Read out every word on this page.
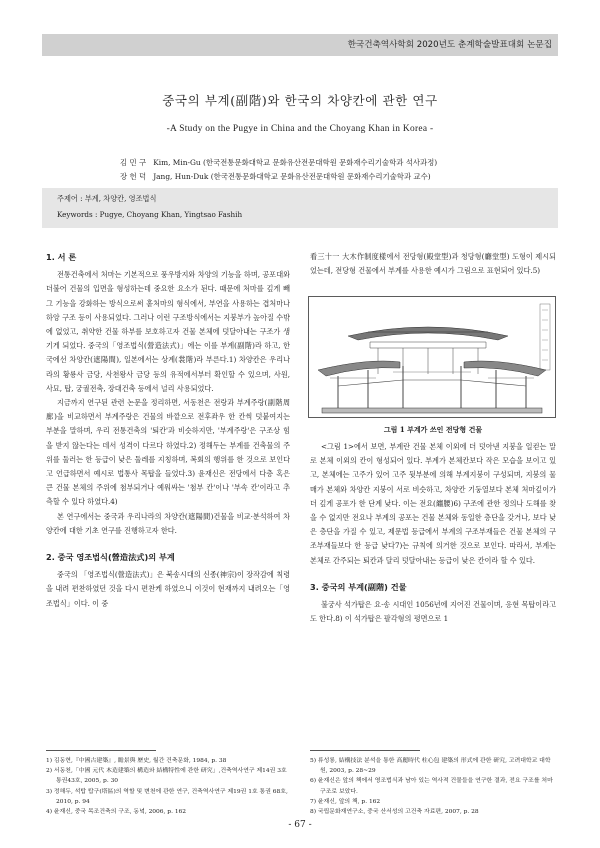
한국건축역사학회 2020년도 춘계학술발표대회 논문집
중국의 부계(副階)와 한국의 차양칸에 관한 연구
-A Study on the Pugye in China and the Choyang Khan in Korea -
김 민 구 Kim, Min-Gu (한국전통문화대학교 문화유산전문대학원 문화재수리기술학과 석사과정)
장 헌 덕 Jang, Hun-Duk (한국전통문화대학교 문화유산전문대학원 문화재수리기술학과 교수)
주제어 : 부계, 차양칸, 영조법식
Keywords : Pugye, Choyang Khan, Yingtsao Fashih
1. 서 론

전통건축에서 처마는 기본적으로 풍우방지와 차양의 기능을 하며, 공포대와 더불어 건물의 입면을 형성하는데 중요한 요소가 된다. 때문에 처마를 깊게 빼 그 기능을 강화하는 방식으로써 홑처마의 형식에서, 부연을 사용하는 겹처마나 하앙 구조 등이 사용되었다. 그러나 이런 구조방식에서는 지붕부가 높아질 수밖에 없었고, 취약한 건물 하부를 보호하고자 건물 본체에 덧달아내는 구조가 생기게 되었다. 중국의「영조법식(營造法式)」에는 이를 부계(副階)라 하고, 한국에선 차양칸(遮陽間), 일본에서는 상계(裳階)라 부른다.1) 차양칸은 우리나라의 황룡사 금당, 사천왕사 금당 등의 유적에서부터 확인할 수 있으며, 사원, 사묘, 탑, 궁궐전축, 장대건축 등에서 널리 사용되었다.

지금까지 연구된 관련 논문을 정리하면, 서동천은 전랑과 부계주랑(副階周廊)을 비교하면서 부계주랑은 건물의 바깥으로 전후좌우 한 칸씩 덧붙여지는 부분을 말하며, 우리 전통건축의 '퇴칸'과 비슷하지만, '부계주랑'은 구조상 힘을 받지 않는다는 데서 성격이 다르다 하였다.2) 정해두는 부계를 건축물의 주위를 둘러는 한 등급이 낮은 둘레를 지칭하며, 복회의 행위를 한 것으로 보인다고 언급하면서 예시로 법통사 목탑을 들었다.3) 윤재신은 전당에서 다층 혹은 큰 건물 본체의 주위에 첨부되거나 예워싸는 '첨부 칸'이나 '부속 칸'이라고 추측할 수 있다 하였다.4)

본 연구에서는 중국과 우리나라의 차양칸(遮陽間)건물을 비교·분석하여 차양칸에 대한 기초 연구를 진행하고자 한다.

2. 중국 영조법식(營造法式)의 부계

중국의 「영조법식(營造法式)」은 북송시대의 신종(神宗)이 장작감에 칙령을 내려 편찬하였던 것을 다시 편찬케 하였으니 이것이 현재까지 내려오는「영조법식」이다. 이 중

看三十一 大木作制度樣에서 전당형(殿堂型)과 청당형(廳堂型) 도형이 제시되었는데, 전당형 건물에서 부계를 사용한 예시가 그림으로 표현되어 있다.5)

그림 1 부계가 쓰인 전당형 건물

<그림 1>에서 보면, 부계란 건물 본체 이외에 더 덧아낸 지붕을 일컫는 말로 본체 이외의 칸이 형성되어 있다. 부계가 본체칸보다 작은 모습을 보이고 있고, 본체에는 고주가 있어 고주 뒷부분에 의해 부계지붕이 구성되며, 지붕의 물매가 본체와 차양칸 지붕이 서로 비슷하고, 차양칸 기둥열보다 본체 처마깊이가 더 깊게 공포가 한 단계 낮다. 이는 전요(纏腰)6) 구조에 관한 정의나 도해를 찾을 수 없지만 전요나 부계의 공포는 건물 본체와 동일한 층단을 갖거나, 보다 낮은 층단을 가질 수 있고, 제문법 등급에서 부계의 구조부재들은 건물 본체의 구조부재들보다 한 등급 낮다7)는 규칙에 의거한 것으로 보인다. 따라서, 부계는 본체로 간주되는 퇴칸과 달리 덧달아내는 등급이 낮은 칸이라 할 수 있다.

3. 중국의 부계(副階) 건물

불궁사 석가탑은 요·송 시대인 1056년에 지어진 건물이며, 응현 목탑이라고도 한다.8) 이 석가탑은 팔각형의 평면으로 1

1) 김동현,『中國古建築』, 瞻景與 歷史, 월간 건축문화, 1984, p. 38
2) 서동천,「中國 元代 木造建築의 構造와 結構特性에 관한 研究」,건축역사연구 제14권 3호 통권43호, 2005, p. 30
3) 정해두, 석탑 탑구(塔區)의 역할 및 변천에 관한 연구, 건축역사연구 제19권 1호 통권 68호, 2010, p. 94
4) 윤재신, 중국 목조건축의 구조, 동녘, 2006, p. 162
5) 류성룡, 結構技法 분석을 통한 高麗時代 柱心包 建築의 形式에 관한 研究, 고려대학교 대학원, 2003, p. 28~29
6) 윤재신은 앞의 책에서 영조법식과 남아 있는 역사적 건물들을 연구한 결과, 전요 구조를 처마구조로 보았다.
7) 윤재신, 앞의 책, p. 162
8) 국립문화재연구소, 중국 산서성의 고건축 자료편, 2007, p. 28
- 67 -
